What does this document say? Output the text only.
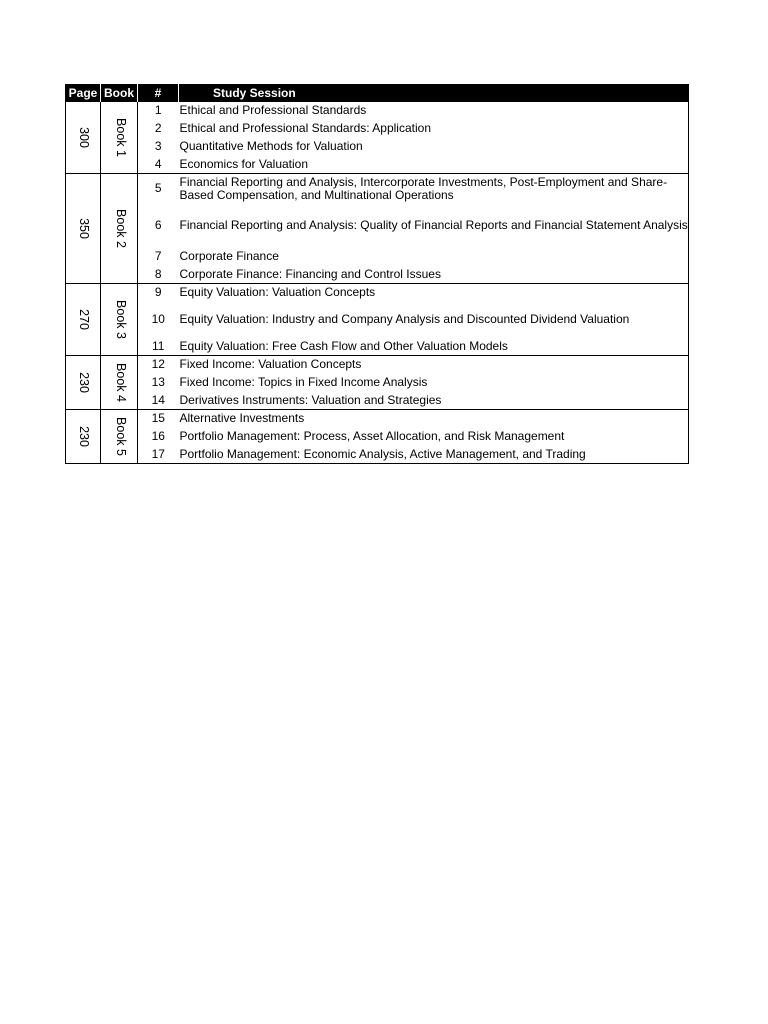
Page	Book	#	Study Session
300	Book 1	1	Ethical and Professional Standards
		2	Ethical and Professional Standards: Application
		3	Quantitative Methods for Valuation
		4	Economics for Valuation
350	Book 2	5	Financial Reporting and Analysis, Intercorporate Investments, Post-Employment and Share-Based Compensation, and Multinational Operations
		6	Financial Reporting and Analysis: Quality of Financial Reports and Financial Statement Analysis
		7	Corporate Finance
		8	Corporate Finance: Financing and Control Issues
270	Book 3	9	Equity Valuation: Valuation Concepts
		10	Equity Valuation: Industry and Company Analysis and Discounted Dividend Valuation
		11	Equity Valuation: Free Cash Flow and Other Valuation Models
230	Book 4	12	Fixed Income: Valuation Concepts
		13	Fixed Income: Topics in Fixed Income Analysis
		14	Derivatives Instruments: Valuation and Strategies
230	Book 5	15	Alternative Investments
		16	Portfolio Management: Process, Asset Allocation, and Risk Management
		17	Portfolio Management: Economic Analysis, Active Management, and Trading
